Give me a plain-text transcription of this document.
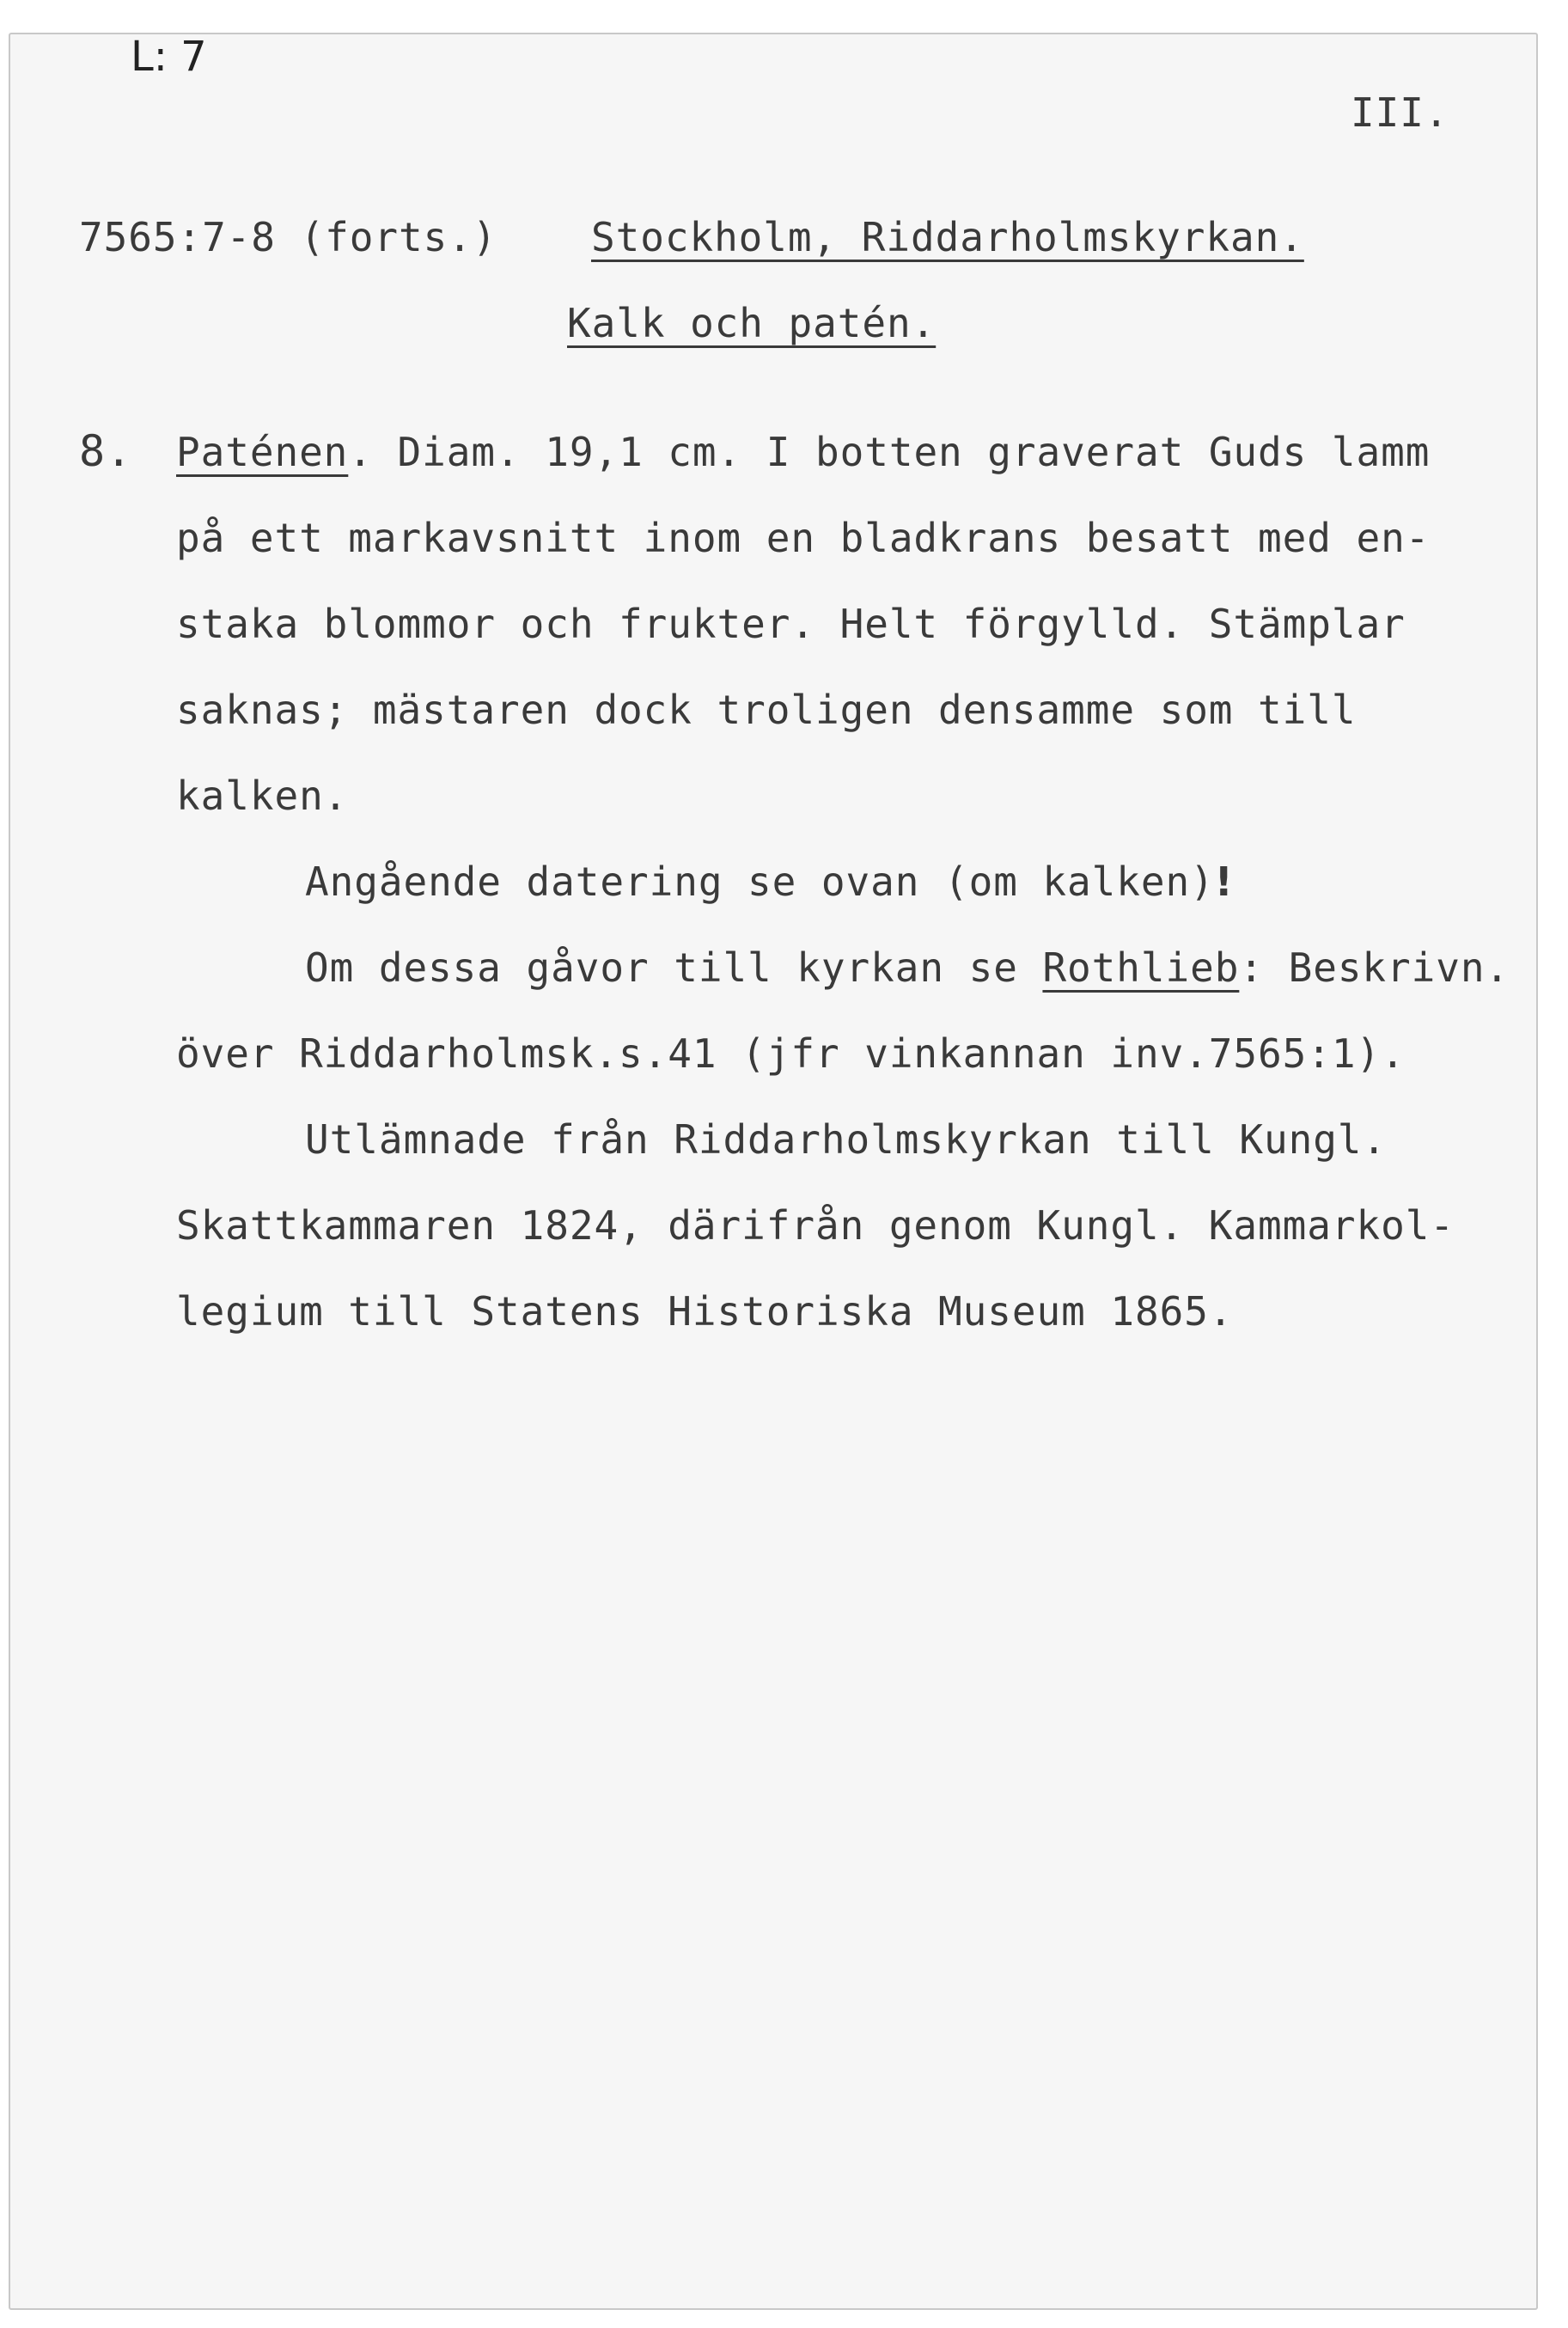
L: 7
III.
7565:7-8 (forts.) Stockholm, Riddarholmskyrkan.
Kalk och patén.
8. Paténen. Diam. 19,1 cm. I botten graverat Guds lamm
på ett markavsnitt inom en bladkrans besatt med en-
staka blommor och frukter. Helt förgylld. Stämplar
saknas; mästaren dock troligen densamme som till
kalken.
Angående datering se ovan (om kalken)!
Om dessa gåvor till kyrkan se Rothlieb: Beskrivn.
över Riddarholmsk.s.41 (jfr vinkannan inv.7565:1).
Utlämnade från Riddarholmskyrkan till Kungl.
Skattkammaren 1824, därifrån genom Kungl. Kammarkol-
legium till Statens Historiska Museum 1865.
